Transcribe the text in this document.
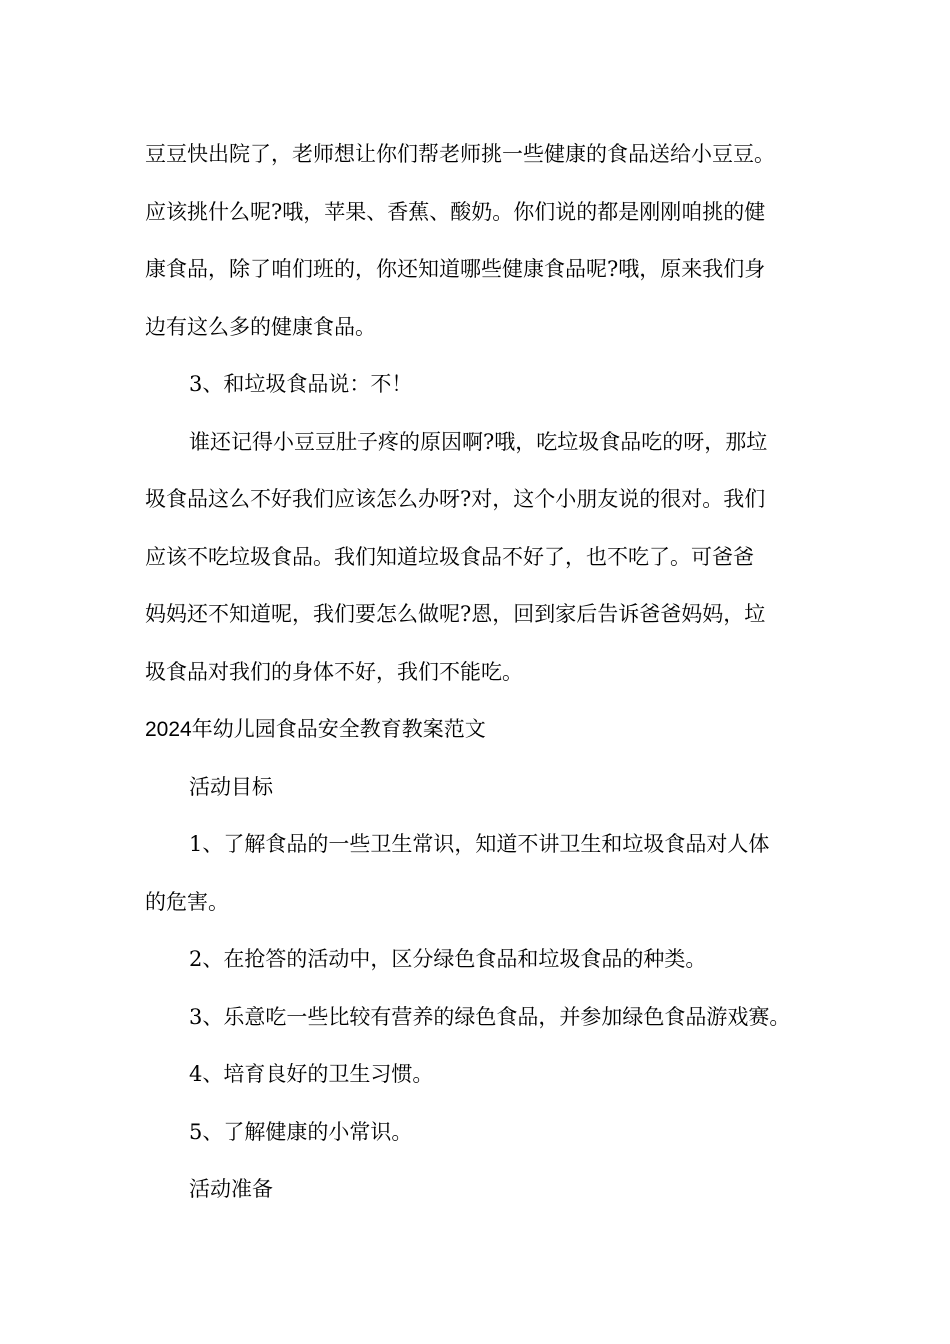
豆豆快出院了，老师想让你们帮老师挑一些健康的食品送给小豆豆。

应该挑什么呢?哦，苹果、香蕉、酸奶。你们说的都是刚刚咱挑的健

康食品，除了咱们班的，你还知道哪些健康食品呢?哦，原来我们身

边有这么多的健康食品。

3、和垃圾食品说：不！

谁还记得小豆豆肚子疼的原因啊?哦，吃垃圾食品吃的呀，那垃

圾食品这么不好我们应该怎么办呀?对，这个小朋友说的很对。我们

应该不吃垃圾食品。我们知道垃圾食品不好了，也不吃了。可爸爸

妈妈还不知道呢，我们要怎么做呢?恩，回到家后告诉爸爸妈妈，垃

圾食品对我们的身体不好，我们不能吃。

2024年幼儿园食品安全教育教案范文

活动目标

1、了解食品的一些卫生常识，知道不讲卫生和垃圾食品对人体

的危害。

2、在抢答的活动中，区分绿色食品和垃圾食品的种类。

3、乐意吃一些比较有营养的绿色食品，并参加绿色食品游戏赛。

4、培育良好的卫生习惯。

5、了解健康的小常识。

活动准备
